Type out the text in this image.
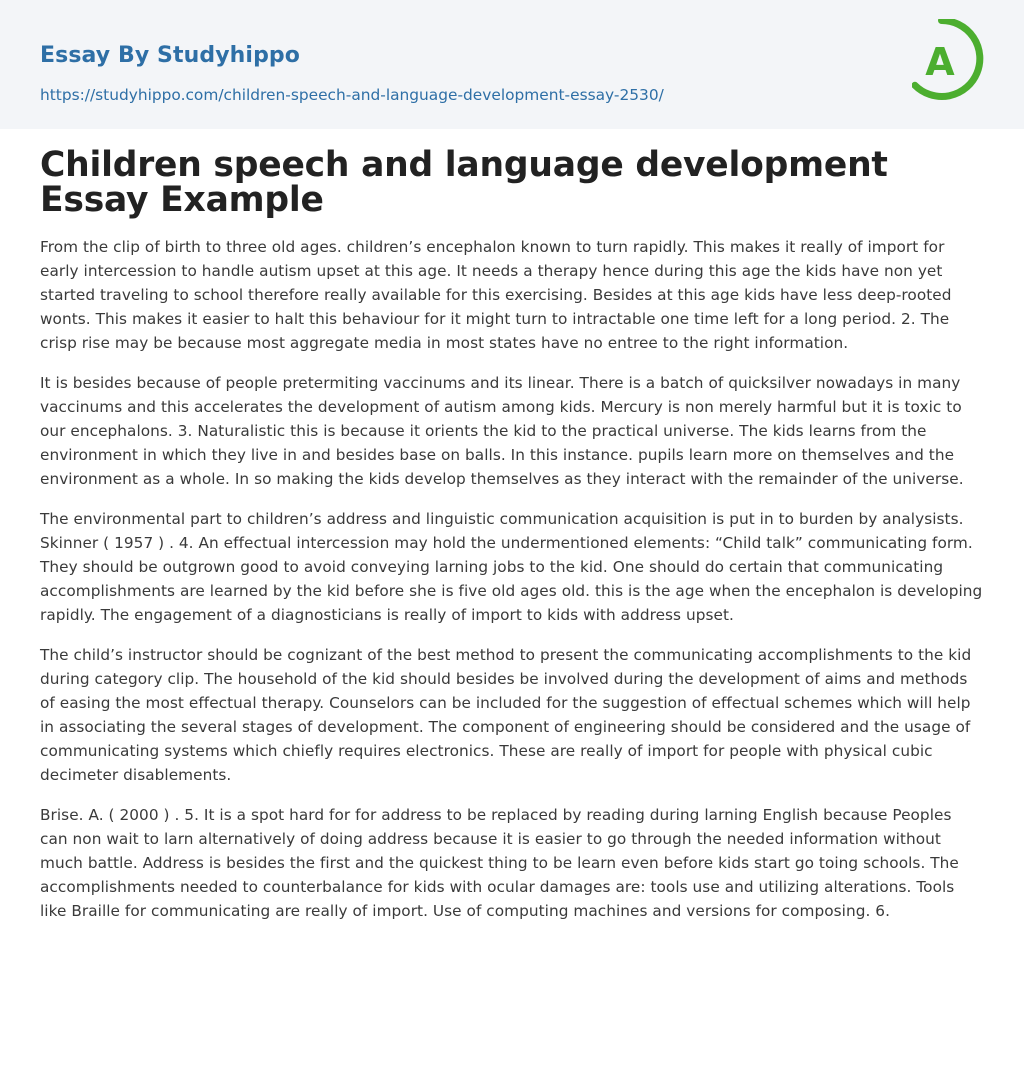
Essay By Studyhippo
https://studyhippo.com/children-speech-and-language-development-essay-2530/
A
Children speech and language development Essay Example

From the clip of birth to three old ages. children’s encephalon known to turn rapidly. This makes it really of import for early intercession to handle autism upset at this age. It needs a therapy hence during this age the kids have non yet started traveling to school therefore really available for this exercising. Besides at this age kids have less deep-rooted wonts. This makes it easier to halt this behaviour for it might turn to intractable one time left for a long period. 2. The crisp rise may be because most aggregate media in most states have no entree to the right information.

It is besides because of people pretermiting vaccinums and its linear. There is a batch of quicksilver nowadays in many vaccinums and this accelerates the development of autism among kids. Mercury is non merely harmful but it is toxic to our encephalons. 3. Naturalistic this is because it orients the kid to the practical universe. The kids learns from the environment in which they live in and besides base on balls. In this instance. pupils learn more on themselves and the environment as a whole. In so making the kids develop themselves as they interact with the remainder of the universe.

The environmental part to children’s address and linguistic communication acquisition is put in to burden by analysists. Skinner ( 1957 ) . 4. An effectual intercession may hold the undermentioned elements: “Child talk” communicating form. They should be outgrown good to avoid conveying larning jobs to the kid. One should do certain that communicating accomplishments are learned by the kid before she is five old ages old. this is the age when the encephalon is developing rapidly. The engagement of a diagnosticians is really of import to kids with address upset.

The child’s instructor should be cognizant of the best method to present the communicating accomplishments to the kid during category clip. The household of the kid should besides be involved during the development of aims and methods of easing the most effectual therapy. Counselors can be included for the suggestion of effectual schemes which will help in associating the several stages of development. The component of engineering should be considered and the usage of communicating systems which chiefly requires electronics. These are really of import for people with physical cubic decimeter disablements.

Brise. A. ( 2000 ) . 5. It is a spot hard for for address to be replaced by reading during larning English because Peoples can non wait to larn alternatively of doing address because it is easier to go through the needed information without much battle. Address is besides the first and the quickest thing to be learn even before kids start go toing schools. The accomplishments needed to counterbalance for kids with ocular damages are: tools use and utilizing alterations. Tools like Braille for communicating are really of import. Use of computing machines and versions for composing. 6.
